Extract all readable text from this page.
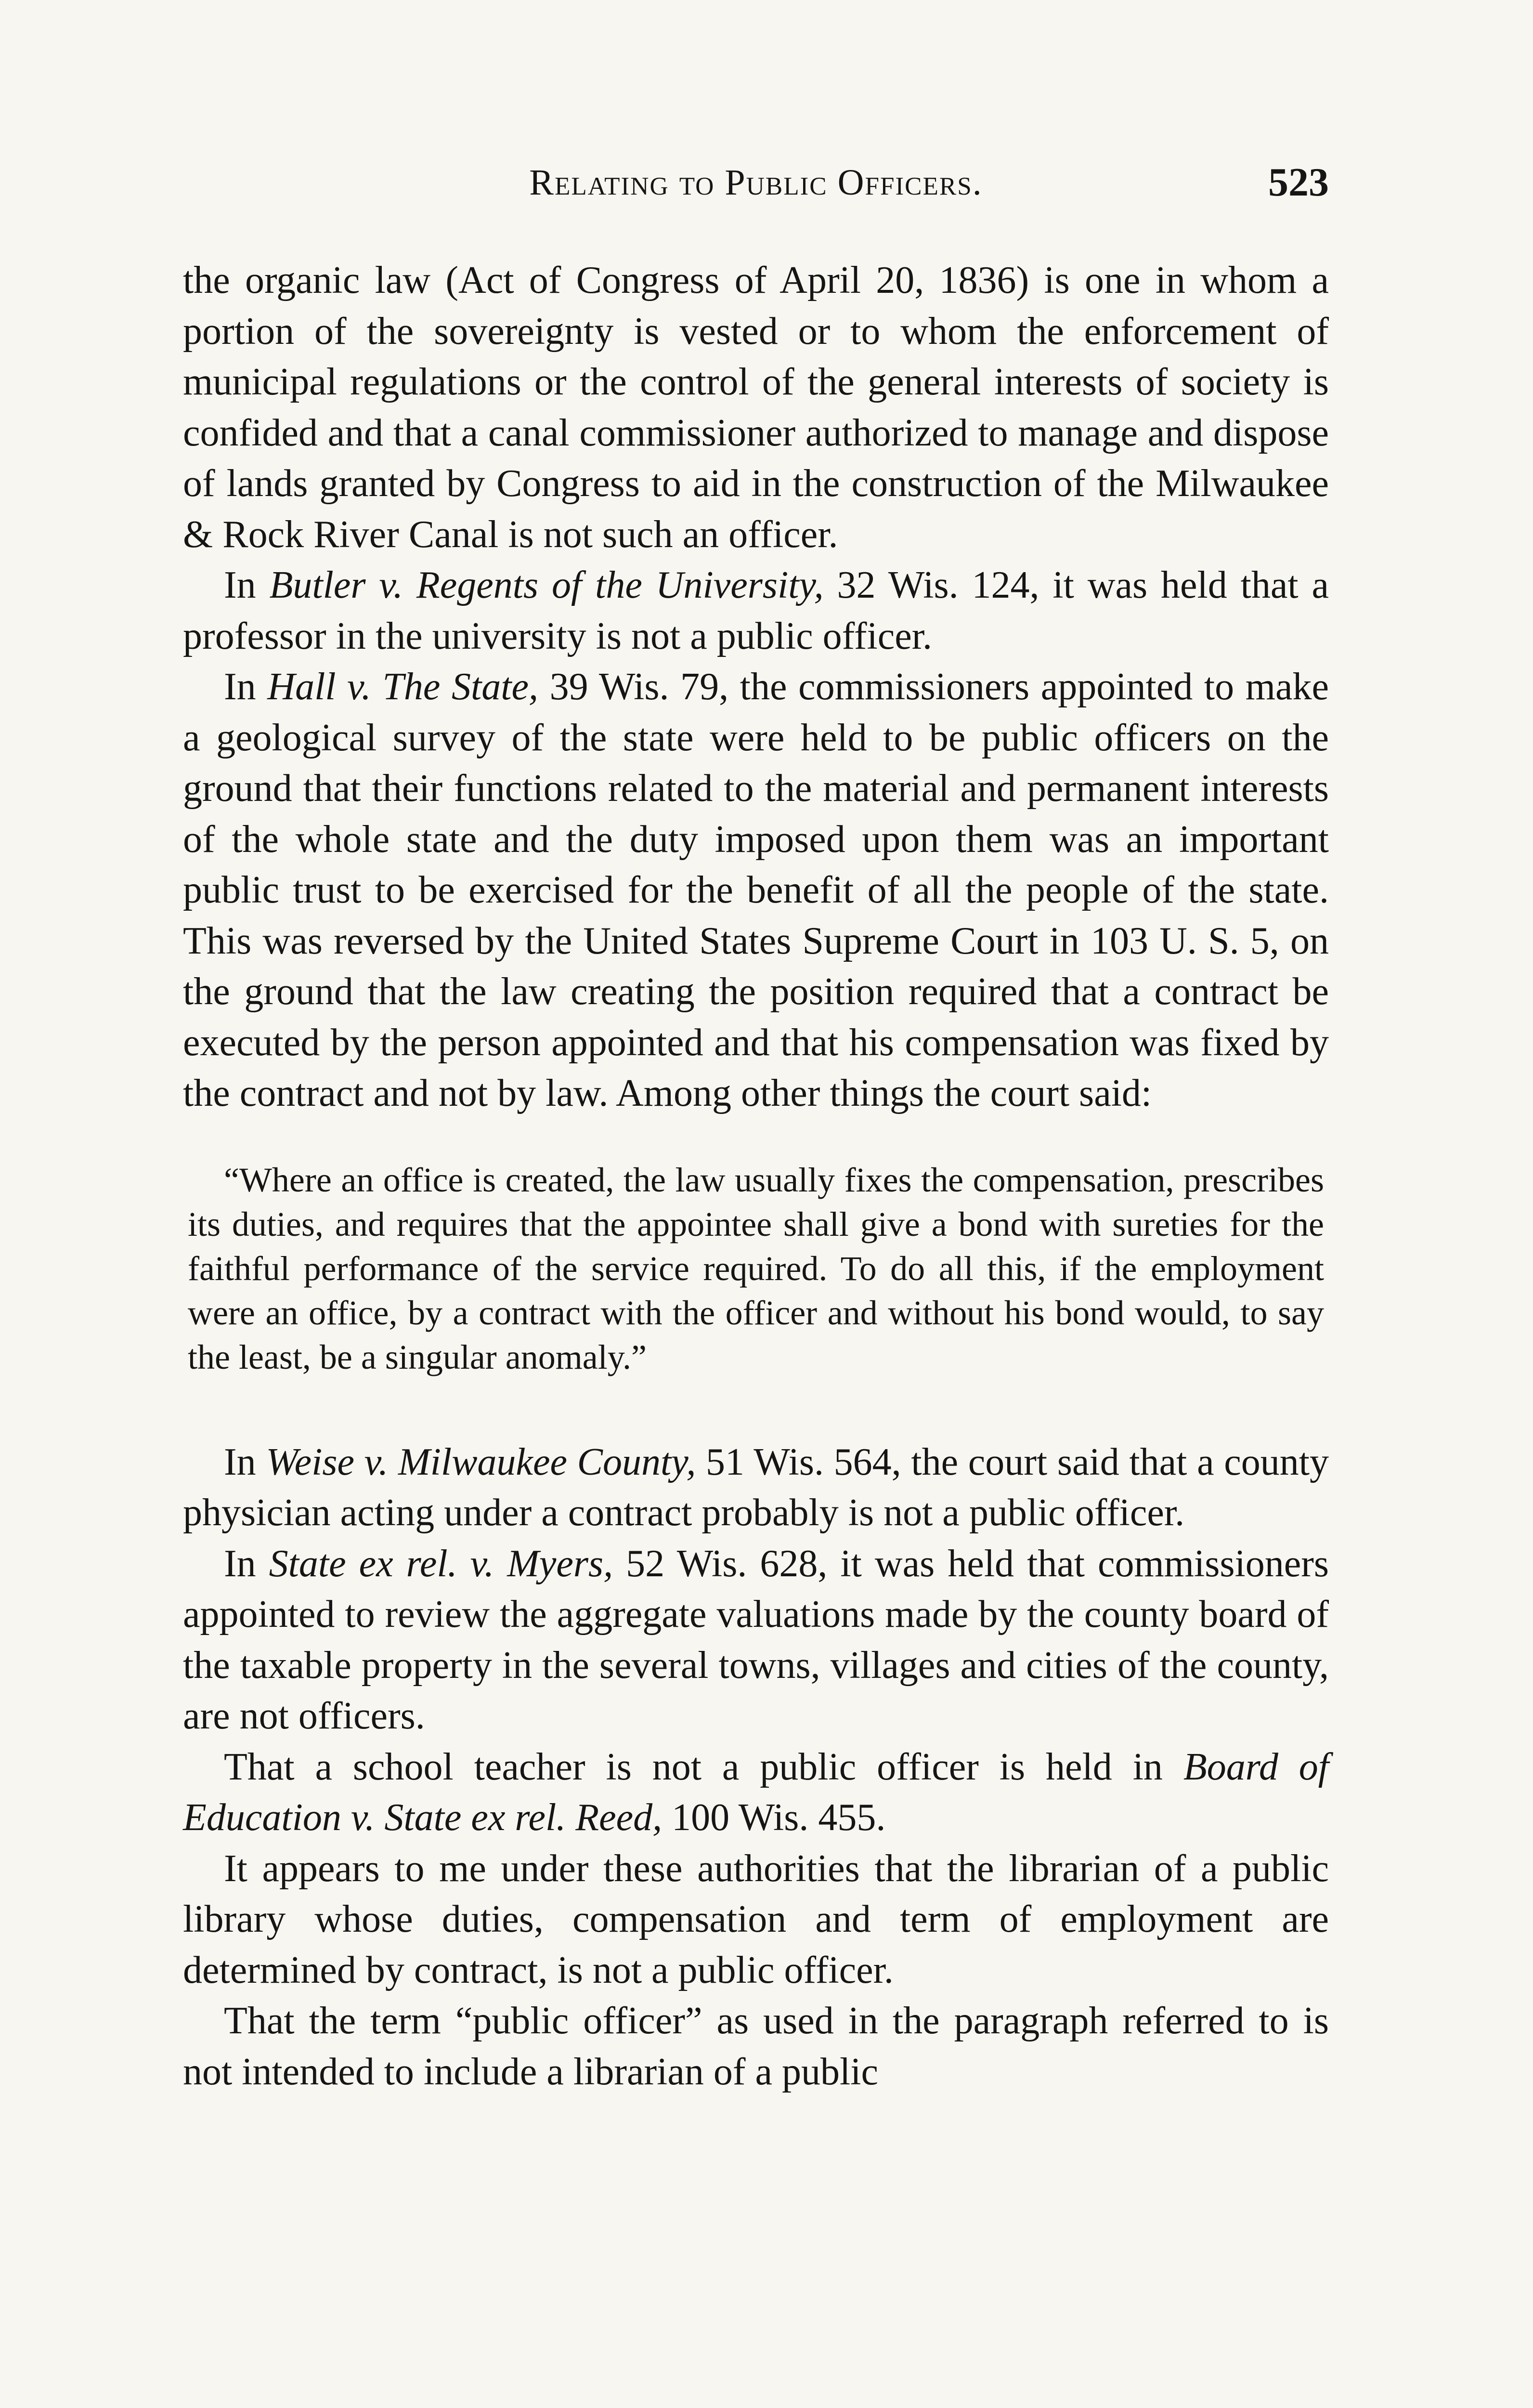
Relating to Public Officers.	523

the organic law (Act of Congress of April 20, 1836) is one in whom a portion of the sovereignty is vested or to whom the enforcement of municipal regulations or the control of the general interests of society is confided and that a canal commissioner authorized to manage and dispose of lands granted by Congress to aid in the construction of the Milwaukee & Rock River Canal is not such an officer.

In Butler v. Regents of the University, 32 Wis. 124, it was held that a professor in the university is not a public officer.

In Hall v. The State, 39 Wis. 79, the commissioners appointed to make a geological survey of the state were held to be public officers on the ground that their functions related to the material and permanent interests of the whole state and the duty imposed upon them was an important public trust to be exercised for the benefit of all the people of the state. This was reversed by the United States Supreme Court in 103 U. S. 5, on the ground that the law creating the position required that a contract be executed by the person appointed and that his compensation was fixed by the contract and not by law. Among other things the court said:

“Where an office is created, the law usually fixes the compensation, prescribes its duties, and requires that the appointee shall give a bond with sureties for the faithful performance of the service required. To do all this, if the employment were an office, by a contract with the officer and without his bond would, to say the least, be a singular anomaly.”

In Weise v. Milwaukee County, 51 Wis. 564, the court said that a county physician acting under a contract probably is not a public officer.

In State ex rel. v. Myers, 52 Wis. 628, it was held that commissioners appointed to review the aggregate valuations made by the county board of the taxable property in the several towns, villages and cities of the county, are not officers.

That a school teacher is not a public officer is held in Board of Education v. State ex rel. Reed, 100 Wis. 455.

It appears to me under these authorities that the librarian of a public library whose duties, compensation and term of employment are determined by contract, is not a public officer.

That the term “public officer” as used in the paragraph referred to is not intended to include a librarian of a public
